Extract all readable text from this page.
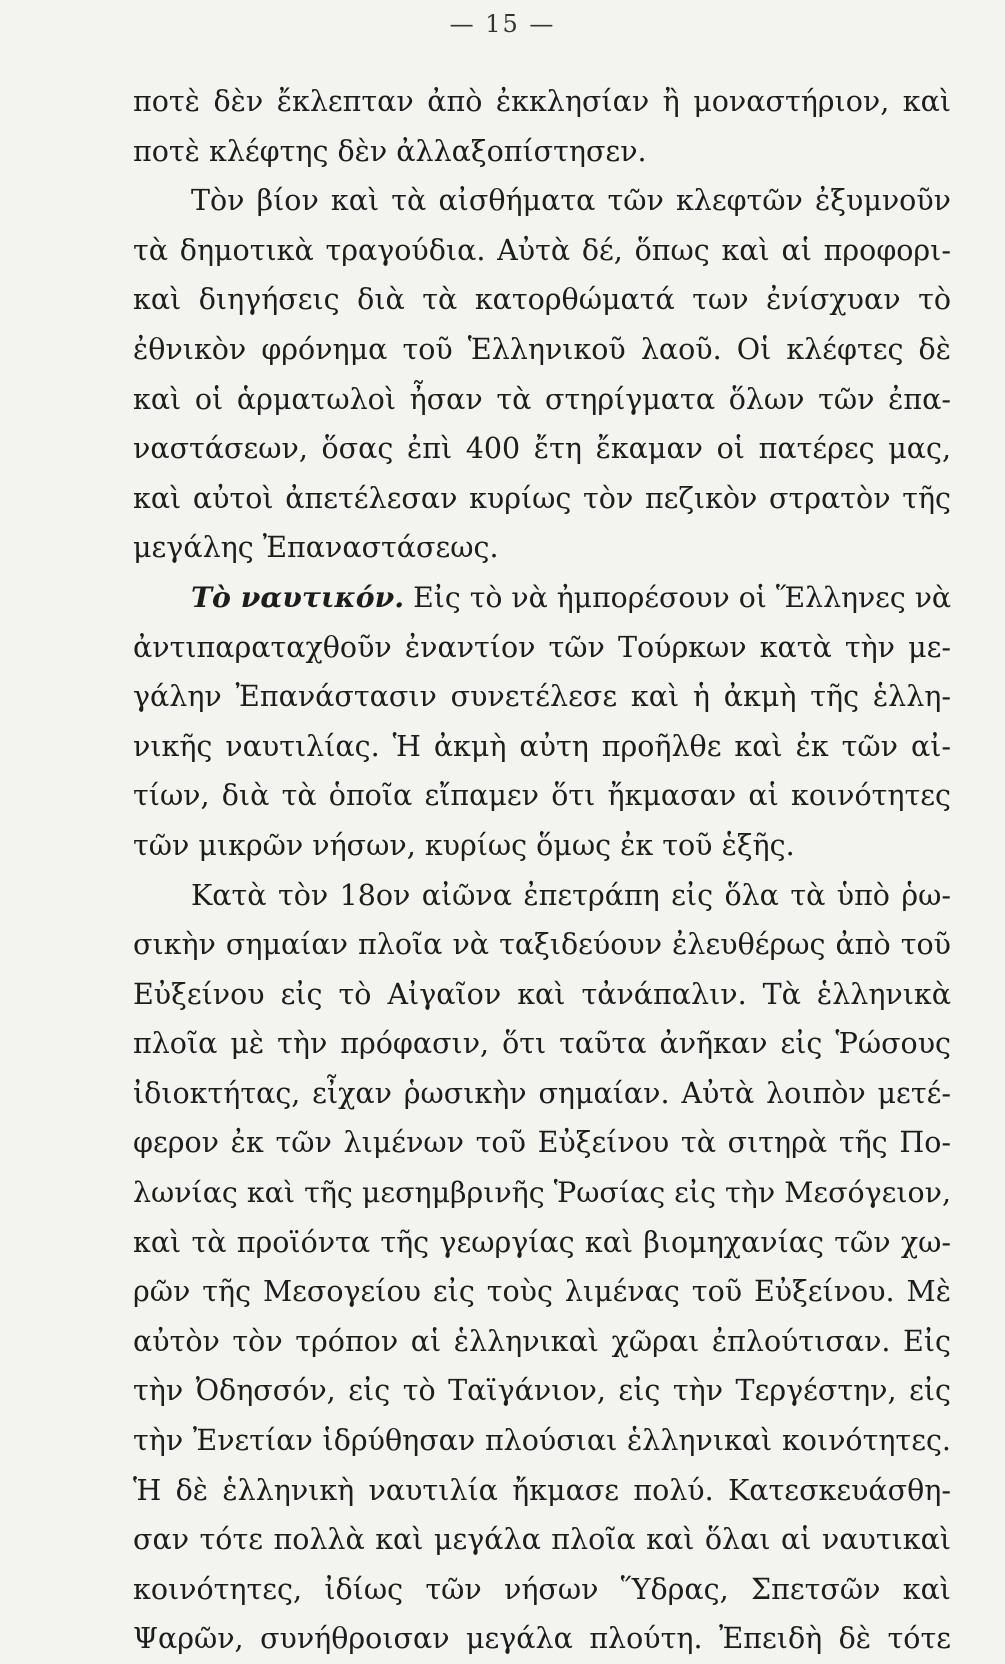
— 15 —
ποτὲ δὲν ἔκλεπταν ἀπὸ ἐκκλησίαν ἢ μοναστήριον, καὶ
ποτὲ κλέφτης δὲν ἀλλαξοπίστησεν.
Τὸν βίον καὶ τὰ αἰσθήματα τῶν κλεφτῶν ἐξυμνοῦν
τὰ δημοτικὰ τραγούδια. Αὐτὰ δέ, ὅπως καὶ αἱ προφορι-
καὶ διηγήσεις διὰ τὰ κατορθώματά των ἐνίσχυαν τὸ
ἐθνικὸν φρόνημα τοῦ Ἑλληνικοῦ λαοῦ. Οἱ κλέφτες δὲ
καὶ οἱ ἁρματωλοὶ ἦσαν τὰ στηρίγματα ὅλων τῶν ἐπα-
ναστάσεων, ὅσας ἐπὶ 400 ἔτη ἔκαμαν οἱ πατέρες μας,
καὶ αὐτοὶ ἀπετέλεσαν κυρίως τὸν πεζικὸν στρατὸν τῆς
μεγάλης Ἐπαναστάσεως.
Τὸ ναυτικόν. Εἰς τὸ νὰ ἠμπορέσουν οἱ Ἕλληνες νὰ
ἀντιπαραταχθοῦν ἐναντίον τῶν Τούρκων κατὰ τὴν με-
γάλην Ἐπανάστασιν συνετέλεσε καὶ ἡ ἀκμὴ τῆς ἑλλη-
νικῆς ναυτιλίας. Ἡ ἀκμὴ αὐτη προῆλθε καὶ ἐκ τῶν αἰ-
τίων, διὰ τὰ ὁποῖα εἴπαμεν ὅτι ἤκμασαν αἱ κοινότητες
τῶν μικρῶν νήσων, κυρίως ὅμως ἐκ τοῦ ἑξῆς.
Κατὰ τὸν 18ον αἰῶνα ἐπετράπη εἰς ὅλα τὰ ὑπὸ ῥω-
σικὴν σημαίαν πλοῖα νὰ ταξιδεύουν ἐλευθέρως ἀπὸ τοῦ
Εὐξείνου εἰς τὸ Αἰγαῖον καὶ τἀνάπαλιν. Τὰ ἑλληνικὰ
πλοῖα μὲ τὴν πρόφασιν, ὅτι ταῦτα ἀνῆκαν εἰς Ῥώσους
ἰδιοκτήτας, εἶχαν ῥωσικὴν σημαίαν. Αὐτὰ λοιπὸν μετέ-
φερον ἐκ τῶν λιμένων τοῦ Εὐξείνου τὰ σιτηρὰ τῆς Πο-
λωνίας καὶ τῆς μεσημβρινῆς Ῥωσίας εἰς τὴν Μεσόγειον,
καὶ τὰ προϊόντα τῆς γεωργίας καὶ βιομηχανίας τῶν χω-
ρῶν τῆς Μεσογείου εἰς τοὺς λιμένας τοῦ Εὐξείνου. Μὲ
αὐτὸν τὸν τρόπον αἱ ἑλληνικαὶ χῶραι ἐπλούτισαν. Εἰς
τὴν Ὀδησσόν, εἰς τὸ Ταϊγάνιον, εἰς τὴν Τεργέστην, εἰς
τὴν Ἐνετίαν ἱδρύθησαν πλούσιαι ἑλληνικαὶ κοινότητες.
Ἡ δὲ ἑλληνικὴ ναυτιλία ἤκμασε πολύ. Κατεσκευάσθη-
σαν τότε πολλὰ καὶ μεγάλα πλοῖα καὶ ὅλαι αἱ ναυτικαὶ
κοινότητες, ἰδίως τῶν νήσων Ὕδρας, Σπετσῶν καὶ
Ψαρῶν, συνήθροισαν μεγάλα πλούτη. Ἐπειδὴ δὲ τότε
